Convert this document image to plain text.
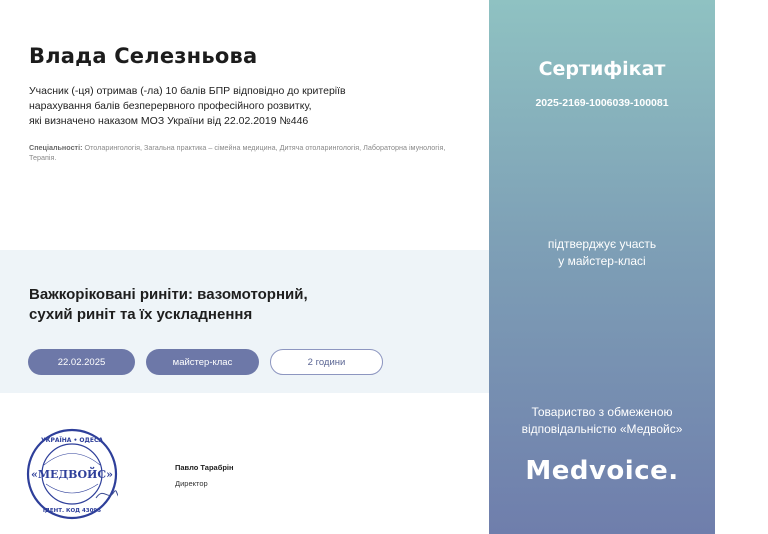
Влада Селезньова
Учасник (-ця) отримав (-ла) 10 балів БПР відповідно до критеріїв
нарахування балів безперервного професійного розвитку,
які визначено наказом МОЗ України від 22.02.2019 №446
Спеціальності: Отоларингологія, Загальна практика – сімейна медицина, Дитяча отоларингологія, Лабораторна імунологія, Терапія.
Важкоріковані риніти: вазомоторний,
сухий риніт та їх ускладнення
22.02.2025	майстер-клас	2 години
УКРАЇНА • ОДЕСА
«МЕДВОЙС»
ІДЕНТ. КОД 43095
Павло Тарабрін
Директор
Сертифікат
2025-2169-1006039-100081
підтверджує участь
у майстер-класі
Товариство з обмеженою
відповідальністю «Медвойс»
Medvoice.
